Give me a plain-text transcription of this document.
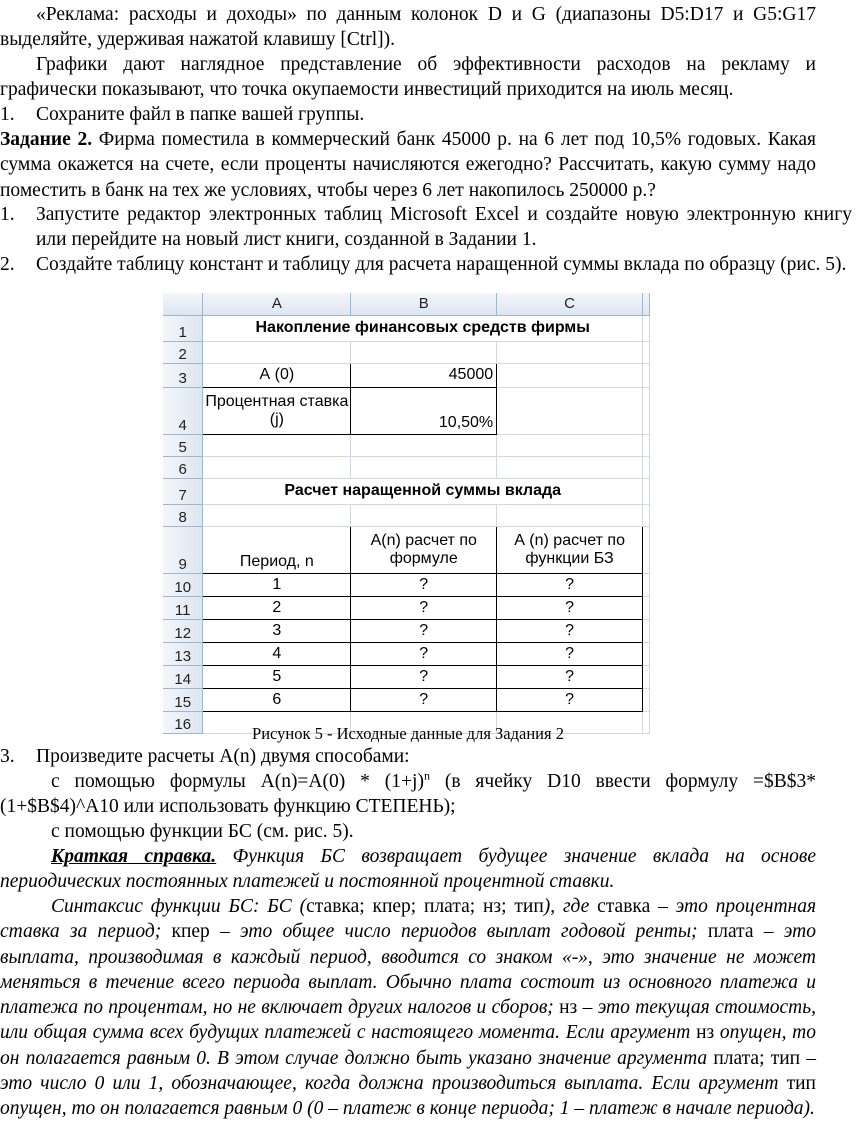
«Реклама: расходы и доходы» по данным колонок D и G (диапазоны D5:D17 и G5:G17 выделяйте, удерживая нажатой клавишу [Ctrl]).

Графики дают наглядное представление об эффективности расходов на рекламу и графически показывают, что точка окупаемости инвестиций приходится на июль месяц.

1. Сохраните файл в папке вашей группы.

Задание 2. Фирма поместила в коммерческий банк 45000 р. на 6 лет под 10,5% годовых. Какая сумма окажется на счете, если проценты начисляются ежегодно? Рассчитать, какую сумму надо поместить в банк на тех же условиях, чтобы через 6 лет накопилось 250000 р.?

1. Запустите редактор электронных таблиц Microsoft Excel и создайте новую электронную книгу или перейдите на новый лист книги, созданной в Задании 1.

2. Создайте таблицу констант и таблицу для расчета наращенной суммы вклада по образцу (рис. 5).

	A	B	C	
1	Накопление финансовых средств фирмы			
2				
3	А (0)	45000		
4	Процентная ставка (j)	10,50%		
5				
6				
7	Расчет наращенной суммы вклада			
8				
9	Период, n	А(n) расчет по формуле	А (n) расчет по функции БЗ	
10	1	?	?	
11	2	?	?	
12	3	?	?	
13	4	?	?	
14	5	?	?	
15	6	?	?	
16					Рисунок 5 - Исходные данные для Задания 2

3. Произведите расчеты A(n) двумя способами:

с помощью формулы $A(n)=A(0) * (1+j)^n$ (в ячейку D10 ввести формулу =$B$3*(1+$B$4)^A10 или использовать функцию СТЕПЕНЬ);

с помощью функции БС (см. рис. 5).

Краткая справка. Функция БС возвращает будущее значение вклада на основе периодических постоянных платежей и постоянной процентной ставки.

Синтаксис функции БС: БС (ставка; кпер; плата; нз; тип), где ставка – это процентная ставка за период; кпер – это общее число периодов выплат годовой ренты; плата – это выплата, производимая в каждый период, вводится со знаком «-», это значение не может меняться в течение всего периода выплат. Обычно плата состоит из основного платежа и платежа по процентам, но не включает других налогов и сборов; нз – это текущая стоимость, или общая сумма всех будущих платежей с настоящего момента. Если аргумент нз опущен, то он полагается равным 0. В этом случае должно быть указано значение аргумента плата; тип – это число 0 или 1, обозначающее, когда должна производиться выплата. Если аргумент тип опущен, то он полагается равным 0 (0 – платеж в конце периода; 1 – платеж в начале периода).
